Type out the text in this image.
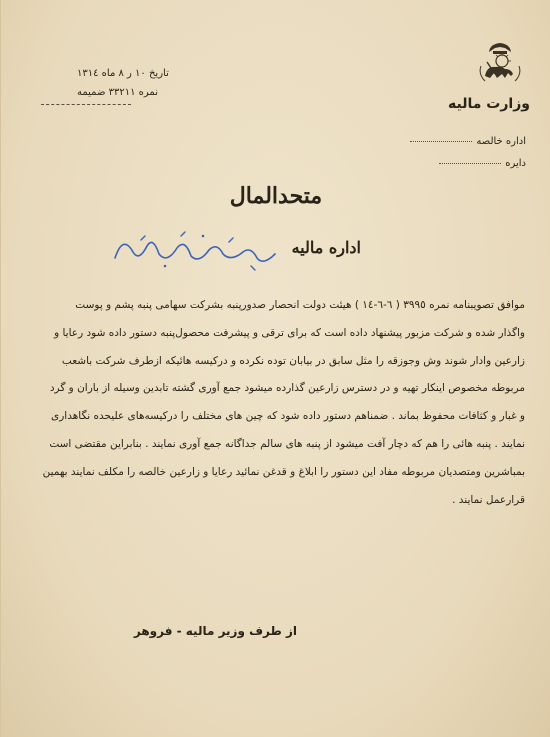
وزارت ماليه
اداره خالصه
دايره
تاريخ ١٠ ر ٨ ماه ١٣١٤
نمره ٣٣٢١١ ضميمه
متحدالمال
اداره ماليه

موافق تصويبنامه نمره ٣٩٩٥ ( ٦-٦-١٤ ) هيئت دولت انحصار صدورپنبه بشرکت سهامی پنبه پشم و پوست

واگذار شده و شرکت مزبور پيشنهاد داده است که برای ترقی و پيشرفت محصول‌پنبه دستور داده شود رعايا و

زارعين وادار شوند وش وجوزقه را مثل سابق در بيابان توده نکرده و درکيسه هائيکه ازطرف شرکت باشعب

مربوطه مخصوص اينکار تهيه و در دسترس زارعين گذارده ميشود جمع آوری گشته تابدين وسيله از باران و گرد

و غبار و کثافات محفوظ بماند . ضمناهم دستور داده شود که چين های مختلف را درکيسه‌های عليحده نگاهداری

نمايند . پنبه هائی را هم که دچار آفت ميشود از پنبه های سالم جداگانه جمع آوری نمايند . بنابراين مقتضی است

بمباشرين ومتصديان مربوطه مفاد اين دستور را ابلاغ و قدغن نمائيد رعايا و زارعين خالصه را مکلف نمايند بهمين

قرارعمل نمايند .

از طرف وزير ماليه - فروهر
